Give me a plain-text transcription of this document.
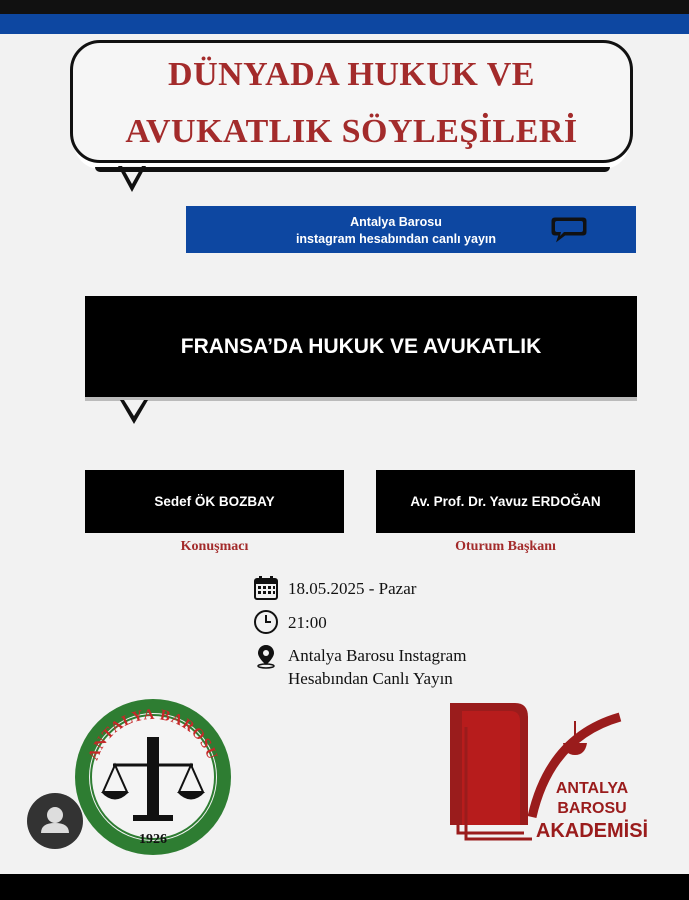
DÜNYADA HUKUK VE
AVUKATLIK SÖYLEŞİLERİ
Antalya Barosu
instagram hesabından canlı yayın
FRANSA’DA HUKUK VE AVUKATLIK
Sedef ÖK BOZBAY	Av. Prof. Dr. Yavuz ERDOĞAN
Konuşmacı	Oturum Başkanı
18.05.2025 - Pazar
21:00
Antalya Barosu Instagram
Hesabından Canlı Yayın
ANTALYA BAROSU
1926
ANTALYA
BAROSU
AKADEMİSİ
